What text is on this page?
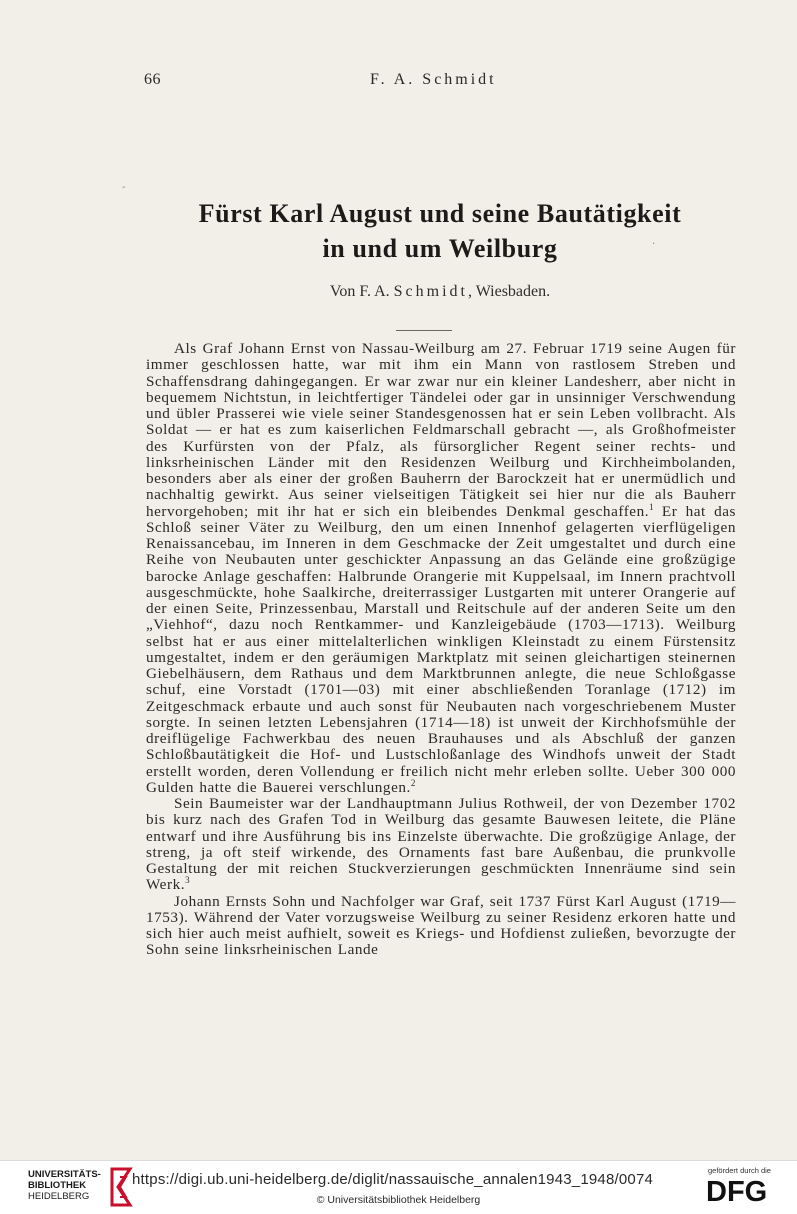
66	F. A. Schmidt
-
·
Fürst Karl August und seine Bautätigkeit
in und um Weilburg
Von F. A. Schmidt, Wiesbaden.

Als Graf Johann Ernst von Nassau-Weilburg am 27. Februar 1719 seine Augen für immer geschlossen hatte, war mit ihm ein Mann von rastlosem Streben und Schaffensdrang dahingegangen. Er war zwar nur ein kleiner Landesherr, aber nicht in bequemem Nichtstun, in leichtfertiger Tändelei oder gar in unsinniger Verschwendung und übler Prasserei wie viele seiner Standesgenossen hat er sein Leben vollbracht. Als Soldat — er hat es zum kaiserlichen Feldmarschall gebracht —, als Großhofmeister des Kurfürsten von der Pfalz, als fürsorglicher Regent seiner rechts- und linksrheinischen Länder mit den Residenzen Weilburg und Kirchheimbolanden, besonders aber als einer der großen Bauherrn der Barockzeit hat er unermüdlich und nachhaltig gewirkt. Aus seiner vielseitigen Tätigkeit sei hier nur die als Bauherr hervorgehoben; mit ihr hat er sich ein bleibendes Denkmal geschaffen.$^1$ Er hat das Schloß seiner Väter zu Weilburg, den um einen Innenhof gelagerten vierflügeligen Renaissancebau, im Inneren in dem Geschmacke der Zeit umgestaltet und durch eine Reihe von Neubauten unter geschickter Anpassung an das Gelände eine großzügige barocke Anlage geschaffen: Halbrunde Orangerie mit Kuppelsaal, im Innern prachtvoll ausgeschmückte, hohe Saalkirche, dreiterrassiger Lustgarten mit unterer Orangerie auf der einen Seite, Prinzessenbau, Marstall und Reitschule auf der anderen Seite um den „Viehhof“, dazu noch Rentkammer- und Kanzleigebäude (1703—1713). Weilburg selbst hat er aus einer mittelalterlichen winkligen Kleinstadt zu einem Fürstensitz umgestaltet, indem er den geräumigen Marktplatz mit seinen gleichartigen steinernen Giebelhäusern, dem Rathaus und dem Marktbrunnen anlegte, die neue Schloßgasse schuf, eine Vorstadt (1701—03) mit einer abschließenden Toranlage (1712) im Zeitgeschmack erbaute und auch sonst für Neubauten nach vorgeschriebenem Muster sorgte. In seinen letzten Lebensjahren (1714—18) ist unweit der Kirchhofsmühle der dreiflügelige Fachwerkbau des neuen Brauhauses und als Abschluß der ganzen Schloßbautätigkeit die Hof- und Lustschloßanlage des Windhofs unweit der Stadt erstellt worden, deren Vollendung er freilich nicht mehr erleben sollte. Ueber 300 000 Gulden hatte die Bauerei verschlungen.$^2$

Sein Baumeister war der Landhauptmann Julius Rothweil, der von Dezember 1702 bis kurz nach des Grafen Tod in Weilburg das gesamte Bauwesen leitete, die Pläne entwarf und ihre Ausführung bis ins Einzelste überwachte. Die großzügige Anlage, der streng, ja oft steif wirkende, des Ornaments fast bare Außenbau, die prunkvolle Gestaltung der mit reichen Stuckverzierungen geschmückten Innenräume sind sein Werk.$^3$

Johann Ernsts Sohn und Nachfolger war Graf, seit 1737 Fürst Karl August (1719—1753). Während der Vater vorzugsweise Weilburg zu seiner Residenz erkoren hatte und sich hier auch meist aufhielt, soweit es Kriegs- und Hofdienst zuließen, bevorzugte der Sohn seine linksrheinischen Lande

UNIVERSITÄTS-
BIBLIOTHEK
HEIDELBERG
https://digi.ub.uni-heidelberg.de/diglit/nassauische_annalen1943_1948/0074
© Universitätsbibliothek Heidelberg
gefördert durch die
DFG
